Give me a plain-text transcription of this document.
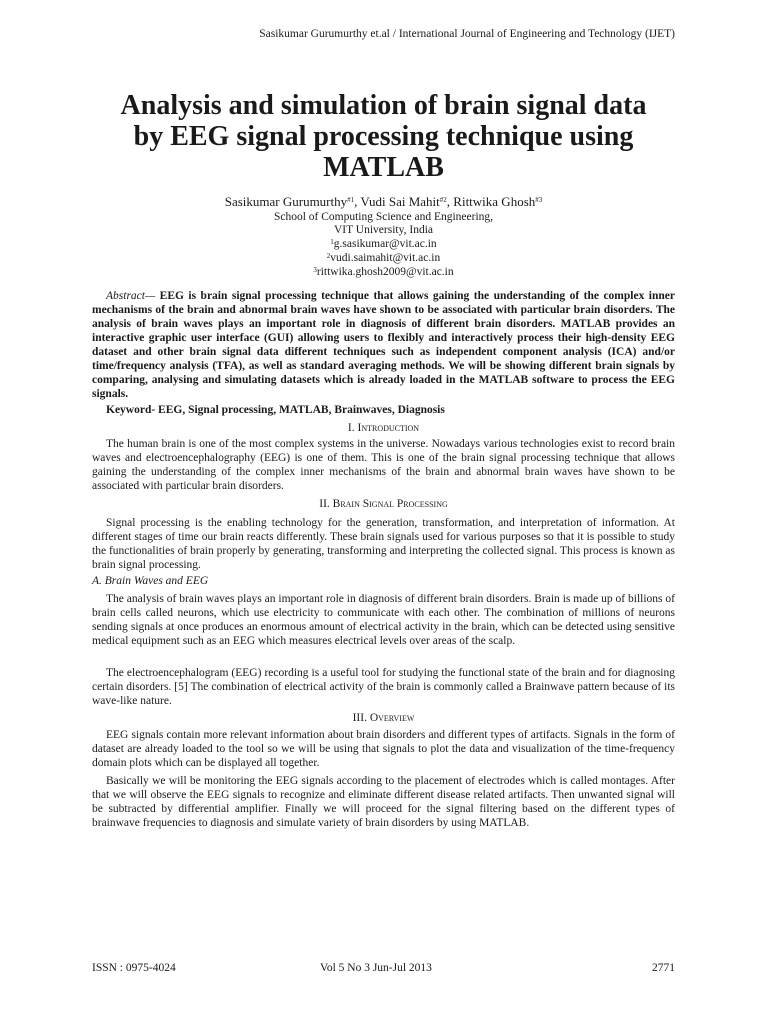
Sasikumar Gurumurthy et.al / International Journal of Engineering and Technology (IJET)
Analysis and simulation of brain signal data
by EEG signal processing technique using
MATLAB
Sasikumar Gurumurthy$^{\#1}$, Vudi Sai Mahit$^{\#2}$, Rittwika Ghosh$^{\#3}$
School of Computing Science and Engineering,
VIT University, India
$^1$g.sasikumar@vit.ac.in
$^2$vudi.saimahit@vit.ac.in
$^3$rittwika.ghosh2009@vit.ac.in

Abstract— EEG is brain signal processing technique that allows gaining the understanding of the complex inner mechanisms of the brain and abnormal brain waves have shown to be associated with particular brain disorders. The analysis of brain waves plays an important role in diagnosis of different brain disorders. MATLAB provides an interactive graphic user interface (GUI) allowing users to flexibly and interactively process their high-density EEG dataset and other brain signal data different techniques such as independent component analysis (ICA) and/or time/frequency analysis (TFA), as well as standard averaging methods. We will be showing different brain signals by comparing, analysing and simulating datasets which is already loaded in the MATLAB software to process the EEG signals.

Keyword- EEG, Signal processing, MATLAB, Brainwaves, Diagnosis
I. Introduction

The human brain is one of the most complex systems in the universe. Nowadays various technologies exist to record brain waves and electroencephalography (EEG) is one of them. This is one of the brain signal processing technique that allows gaining the understanding of the complex inner mechanisms of the brain and abnormal brain waves have shown to be associated with particular brain disorders.

II. Brain Signal Processing

Signal processing is the enabling technology for the generation, transformation, and interpretation of information. At different stages of time our brain reacts differently. These brain signals used for various purposes so that it is possible to study the functionalities of brain properly by generating, transforming and interpreting the collected signal. This process is known as brain signal processing.

A. Brain Waves and EEG

The analysis of brain waves plays an important role in diagnosis of different brain disorders. Brain is made up of billions of brain cells called neurons, which use electricity to communicate with each other. The combination of millions of neurons sending signals at once produces an enormous amount of electrical activity in the brain, which can be detected using sensitive medical equipment such as an EEG which measures electrical levels over areas of the scalp.

The electroencephalogram (EEG) recording is a useful tool for studying the functional state of the brain and for diagnosing certain disorders. [5] The combination of electrical activity of the brain is commonly called a Brainwave pattern because of its wave-like nature.

III. Overview

EEG signals contain more relevant information about brain disorders and different types of artifacts. Signals in the form of dataset are already loaded to the tool so we will be using that signals to plot the data and visualization of the time-frequency domain plots which can be displayed all together.

Basically we will be monitoring the EEG signals according to the placement of electrodes which is called montages. After that we will observe the EEG signals to recognize and eliminate different disease related artifacts. Then unwanted signal will be subtracted by differential amplifier. Finally we will proceed for the signal filtering based on the different types of brainwave frequencies to diagnosis and simulate variety of brain disorders by using MATLAB.

ISSN : 0975-4024	Vol 5 No 3 Jun-Jul 2013	2771
